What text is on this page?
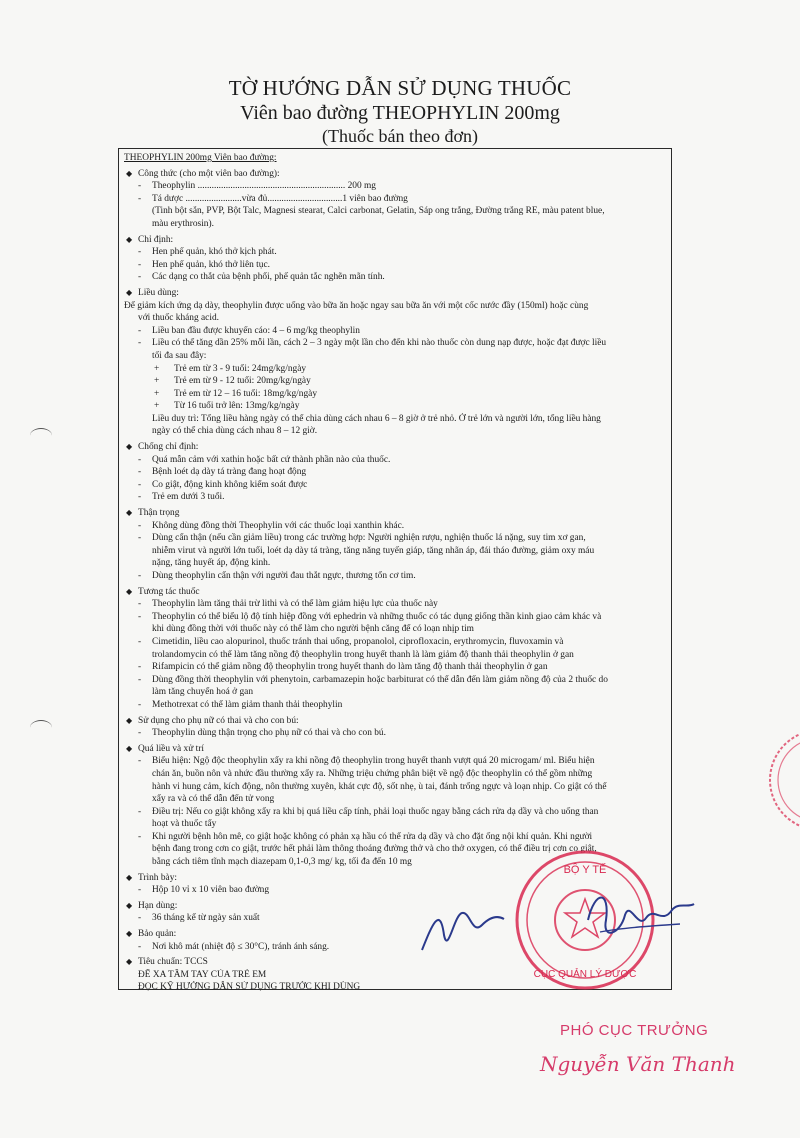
TỜ HƯỚNG DẪN SỬ DỤNG THUỐC
Viên bao đường THEOPHYLIN 200mg
(Thuốc bán theo đơn)
THEOPHYLIN 200mg Viên bao đường:
◆ Công thức (cho một viên bao đường):
- Theophylin ............................................................... 200 mg
- Tá dược ........................vừa đủ................................1 viên bao đường
(Tinh bột sắn, PVP, Bột Talc, Magnesi stearat, Calci carbonat, Gelatin, Sáp ong trắng, Đường trắng RE, màu patent blue,
màu erythrosin).
◆ Chỉ định:
- Hen phế quản, khó thở kịch phát.
- Hen phế quản, khó thở liên tục.
- Các dạng co thắt của bệnh phổi, phế quản tắc nghẽn mãn tính.
◆ Liều dùng:
Để giảm kích ứng dạ dày, theophylin được uống vào bữa ăn hoặc ngay sau bữa ăn với một cốc nước đầy (150ml) hoặc cùng
với thuốc kháng acid.
- Liều ban đầu được khuyến cáo: 4 – 6 mg/kg theophylin
- Liều có thể tăng dần 25% mỗi lần, cách 2 – 3 ngày một lần cho đến khi nào thuốc còn dung nạp được, hoặc đạt được liều
tối đa sau đây:
+ Trẻ em từ 3 - 9 tuổi: 24mg/kg/ngày
+ Trẻ em từ 9 - 12 tuổi: 20mg/kg/ngày
+ Trẻ em từ 12 – 16 tuổi: 18mg/kg/ngày
+ Từ 16 tuổi trở lên: 13mg/kg/ngày
Liều duy trì: Tổng liều hàng ngày có thể chia dùng cách nhau 6 – 8 giờ ở trẻ nhỏ. Ở trẻ lớn và người lớn, tổng liều hàng
ngày có thể chia dùng cách nhau 8 – 12 giờ.
◆ Chống chỉ định:
- Quá mẫn cảm với xathin hoặc bất cứ thành phần nào của thuốc.
- Bệnh loét dạ dày tá tràng đang hoạt động
- Co giật, động kinh không kiểm soát được
- Trẻ em dưới 3 tuổi.
◆ Thận trọng
- Không dùng đồng thời Theophylin với các thuốc loại xanthin khác.
- Dùng cẩn thận (nếu cần giảm liều) trong các trường hợp: Người nghiện rượu, nghiện thuốc lá nặng, suy tim xơ gan,
nhiễm virut và người lớn tuổi, loét dạ dày tá tràng, tăng năng tuyến giáp, tăng nhãn áp, đái tháo đường, giảm oxy máu
nặng, tăng huyết áp, động kinh.
- Dùng theophylin cẩn thận với người đau thắt ngực, thương tổn cơ tim.
◆ Tương tác thuốc
- Theophylin làm tăng thải trừ lithi và có thể làm giảm hiệu lực của thuốc này
- Theophylin có thể biểu lộ độ tính hiệp đồng với ephedrin và những thuốc có tác dụng giống thần kinh giao cảm khác và
khi dùng đồng thời với thuốc này có thể làm cho người bệnh căng để có loạn nhịp tim
- Cimetidin, liều cao alopurinol, thuốc tránh thai uống, propanolol, ciprofloxacin, erythromycin, fluvoxamin và
trolandomycin có thể làm tăng nồng độ theophylin trong huyết thanh là làm giảm độ thanh thải theophylin ở gan
- Rifampicin có thể giảm nồng độ theophylin trong huyết thanh do làm tăng độ thanh thải theophylin ở gan
- Dùng đồng thời theophylin với phenytoin, carbamazepin hoặc barbiturat có thể dẫn đến làm giảm nồng độ của 2 thuốc do
làm tăng chuyển hoá ở gan
- Methotrexat có thể làm giảm thanh thải theophylin
◆ Sử dụng cho phụ nữ có thai và cho con bú:
- Theophylin dùng thận trọng cho phụ nữ có thai và cho con bú.
◆ Quá liều và xử trí
- Biểu hiện: Ngộ độc theophylin xẩy ra khi nồng độ theophylin trong huyết thanh vượt quá 20 microgam/ ml. Biểu hiện
chán ăn, buồn nôn và nhức đầu thường xẩy ra. Những triệu chứng phân biệt về ngộ độc theophylin có thể gồm những
hành vi hung cảm, kích động, nôn thường xuyên, khát cực độ, sốt nhẹ, ù tai, đánh trống ngực và loạn nhịp. Co giật có thể
xẩy ra và có thể dẫn đến tử vong
- Điều trị: Nếu co giật không xẩy ra khi bị quá liều cấp tính, phải loại thuốc ngay bằng cách rửa dạ dầy và cho uống than
hoạt và thuốc tẩy
- Khi người bệnh hôn mê, co giật hoặc không có phản xạ hầu có thể rửa dạ dầy và cho đặt ống nội khí quản. Khi người
bệnh đang trong cơn co giật, trước hết phải làm thông thoáng đường thở và cho thở oxygen, có thể điều trị cơn co giật,
bằng cách tiêm tĩnh mạch diazepam 0,1-0,3 mg/ kg, tối đa đến 10 mg
◆ Trình bày:
- Hộp 10 vỉ x 10 viên bao đường
◆ Hạn dùng:
- 36 tháng kể từ ngày sản xuất
◆ Bảo quản:
- Nơi khô mát (nhiệt độ ≤ 30°C), tránh ánh sáng.
◆ Tiêu chuẩn: TCCS
ĐỂ XA TẦM TAY CỦA TRẺ EM
ĐỌC KỸ HƯỚNG DẪN SỬ DỤNG TRƯỚC KHI DÙNG
BỘ Y TẾ
CỤC QUẢN LÝ DƯỢC
PHÓ CỤC TRƯỞNG
Nguyễn Văn Thanh
